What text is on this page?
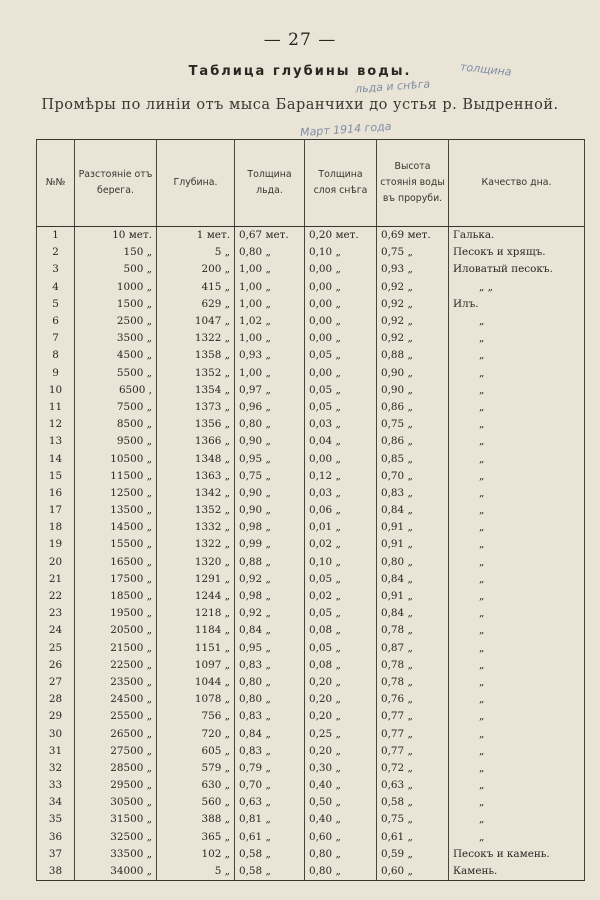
— 27 —
Таблица глубины воды.
Промѣры по линiи отъ мыса Баранчихи до устья р. Выдренной.
толщина
льда и снѣга
Март 1914 года
№№	Разстоянiе отъ берега.	Глубина.	Толщина льда.	Толщина слоя снѣга	Высота стоянiя воды въ проруби.	Качество дна.
1	10 мет.	1 мет.	0,67 мет.	0,20 мет.	0,69 мет.	Галька.
2	150 „	5 „	0,80 „	0,10 „	0,75 „	Песокъ и хрящъ.
3	500 „	200 „	1,00 „	0,00 „	0,93 „	Иловатый песокъ.
4	1000 „	415 „	1,00 „	0,00 „	0,92 „	„ „
5	1500 „	629 „	1,00 „	0,00 „	0,92 „	Илъ.
6	2500 „	1047 „	1,02 „	0,00 „	0,92 „	„
7	3500 „	1322 „	1,00 „	0,00 „	0,92 „	„
8	4500 „	1358 „	0,93 „	0,05 „	0,88 „	„
9	5500 „	1352 „	1,00 „	0,00 „	0,90 „	„
10	6500 ,	1354 „	0,97 „	0,05 „	0,90 „	„
11	7500 „	1373 „	0,96 „	0,05 „	0,86 „	„
12	8500 „	1356 „	0,80 „	0,03 „	0,75 „	„
13	9500 „	1366 „	0,90 „	0,04 „	0,86 „	„
14	10500 „	1348 „	0,95 „	0,00 „	0,85 „	„
15	11500 „	1363 „	0,75 „	0,12 „	0,70 „	„
16	12500 „	1342 „	0,90 „	0,03 „	0,83 „	„
17	13500 „	1352 „	0,90 „	0,06 „	0,84 „	„
18	14500 „	1332 „	0,98 „	0,01 „	0,91 „	„
19	15500 „	1322 „	0,99 „	0,02 „	0,91 „	„
20	16500 „	1320 „	0,88 „	0,10 „	0,80 „	„
21	17500 „	1291 „	0,92 „	0,05 „	0,84 „	„
22	18500 „	1244 „	0,98 „	0,02 „	0,91 „	„
23	19500 „	1218 „	0,92 „	0,05 „	0,84 „	„
24	20500 „	1184 „	0,84 „	0,08 „	0,78 „	„
25	21500 „	1151 „	0,95 „	0,05 „	0,87 „	„
26	22500 „	1097 „	0,83 „	0,08 „	0,78 „	„
27	23500 „	1044 „	0,80 „	0,20 „	0,78 „	„
28	24500 „	1078 „	0,80 „	0,20 „	0,76 „	„
29	25500 „	756 „	0,83 „	0,20 „	0,77 „	„
30	26500 „	720 „	0,84 „	0,25 „	0,77 „	„
31	27500 „	605 „	0,83 „	0,20 „	0,77 „	„
32	28500 „	579 „	0,79 „	0,30 „	0,72 „	„
33	29500 „	630 „	0,70 „	0,40 „	0,63 „	„
34	30500 „	560 „	0,63 „	0,50 „	0,58 „	„
35	31500 „	388 „	0,81 „	0,40 „	0,75 „	„
36	32500 „	365 „	0,61 „	0,60 „	0,61 „	„
37	33500 „	102 „	0,58 „	0,80 „	0,59 „	Песокъ и камень.
38	34000 „	5 „	0,58 „	0,80 „	0,60 „	Камень.
